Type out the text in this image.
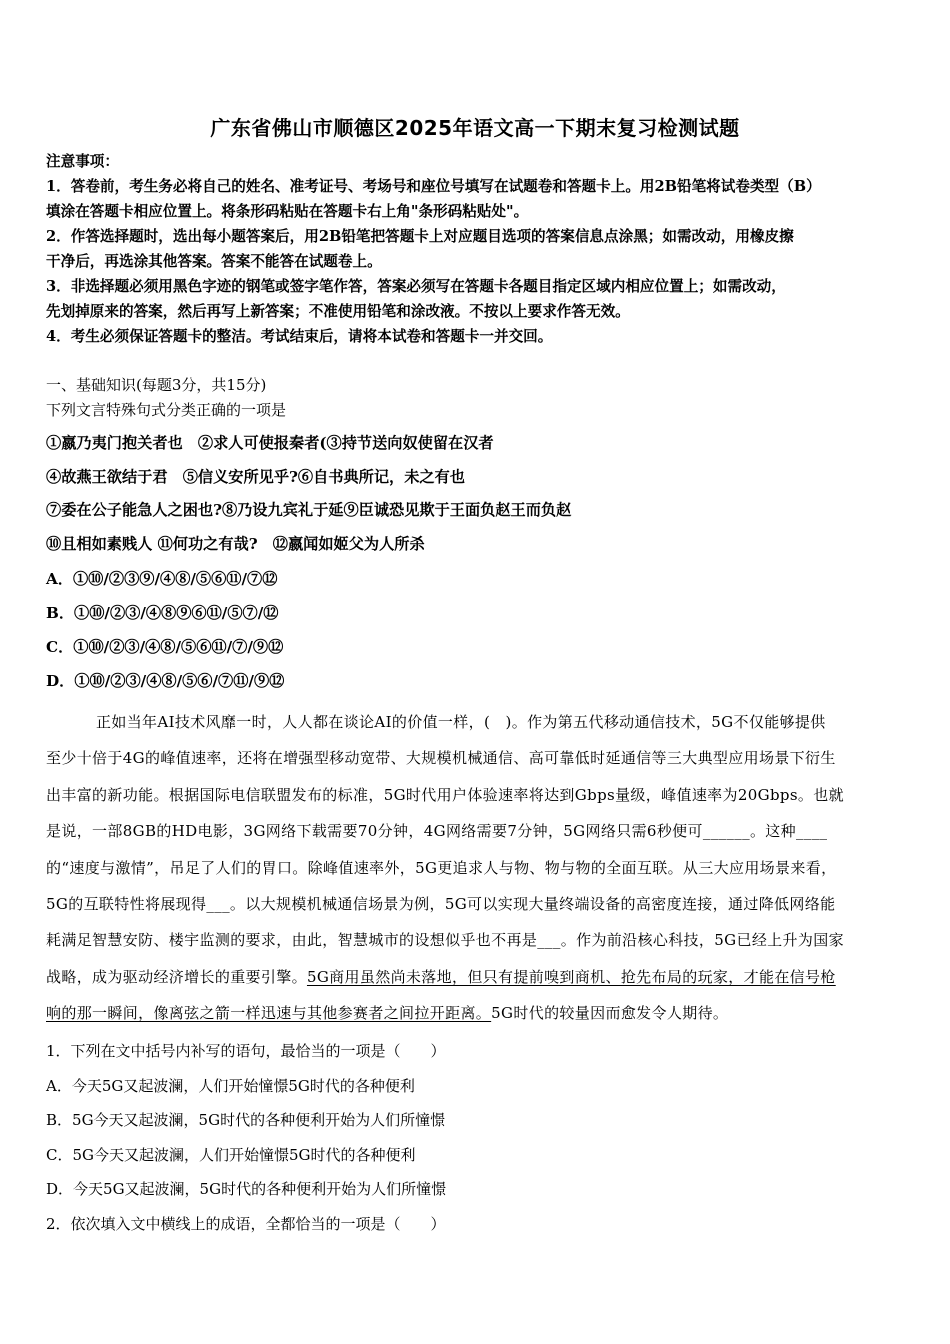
广东省佛山市顺德区2025年语文高一下期末复习检测试题
注意事项：
1．答卷前，考生务必将自己的姓名、准考证号、考场号和座位号填写在试题卷和答题卡上。用2B铅笔将试卷类型（B）
填涂在答题卡相应位置上。将条形码粘贴在答题卡右上角"条形码粘贴处"。
2．作答选择题时，选出每小题答案后，用2B铅笔把答题卡上对应题目选项的答案信息点涂黑；如需改动，用橡皮擦
干净后，再选涂其他答案。答案不能答在试题卷上。
3．非选择题必须用黑色字迹的钢笔或签字笔作答，答案必须写在答题卡各题目指定区域内相应位置上；如需改动，
先划掉原来的答案，然后再写上新答案；不准使用铅笔和涂改液。不按以上要求作答无效。
4．考生必须保证答题卡的整洁。考试结束后，请将本试卷和答题卡一并交回。
一、基础知识(每题3分，共15分)
下列文言特殊句式分类正确的一项是
①嬴乃夷门抱关者也　②求人可使报秦者(③持节送向奴使留在汉者
④故燕王欲结于君　⑤信义安所见乎?⑥自书典所记，未之有也
⑦委在公子能急人之困也?⑧乃设九宾礼于延⑨臣诚恐见欺于王面负赵王而负赵
⑩且相如素贱人 ⑪何功之有哉?　⑫嬴闻如姬父为人所杀
A．①⑩/②③⑨/④⑧/⑤⑥⑪/⑦⑫
B．①⑩/②③/④⑧⑨⑥⑪/⑤⑦/⑫
C．①⑩/②③/④⑧/⑤⑥⑪/⑦/⑨⑫
D．①⑩/②③/④⑧/⑤⑥/⑦⑪/⑨⑫
正如当年AI技术风靡一时，人人都在谈论AI的价值一样，(　)。作为第五代移动通信技术，5G不仅能够提供
至少十倍于4G的峰值速率，还将在增强型移动宽带、大规模机械通信、高可靠低时延通信等三大典型应用场景下衍生
出丰富的新功能。根据国际电信联盟发布的标准，5G时代用户体验速率将达到Gbps量级，峰值速率为20Gbps。也就
是说，一部8GB的HD电影，3G网络下载需要70分钟，4G网络需要7分钟，5G网络只需6秒便可______。这种____
的“速度与激情”，吊足了人们的胃口。除峰值速率外，5G更追求人与物、物与物的全面互联。从三大应用场景来看，
5G的互联特性将展现得___。以大规模机械通信场景为例，5G可以实现大量终端设备的高密度连接，通过降低网络能
耗满足智慧安防、楼宇监测的要求，由此，智慧城市的设想似乎也不再是___。作为前沿核心科技，5G已经上升为国家
战略，成为驱动经济增长的重要引擎。5G商用虽然尚未落地，但只有提前嗅到商机、抢先布局的玩家，才能在信号枪
响的那一瞬间，像离弦之箭一样迅速与其他参赛者之间拉开距离。5G时代的较量因而愈发令人期待。
1．下列在文中括号内补写的语句，最恰当的一项是（　　）
A．今天5G又起波澜，人们开始憧憬5G时代的各种便利
B．5G今天又起波澜，5G时代的各种便利开始为人们所憧憬
C．5G今天又起波澜，人们开始憧憬5G时代的各种便利
D．今天5G又起波澜，5G时代的各种便利开始为人们所憧憬
2．依次填入文中横线上的成语，全都恰当的一项是（　　）
